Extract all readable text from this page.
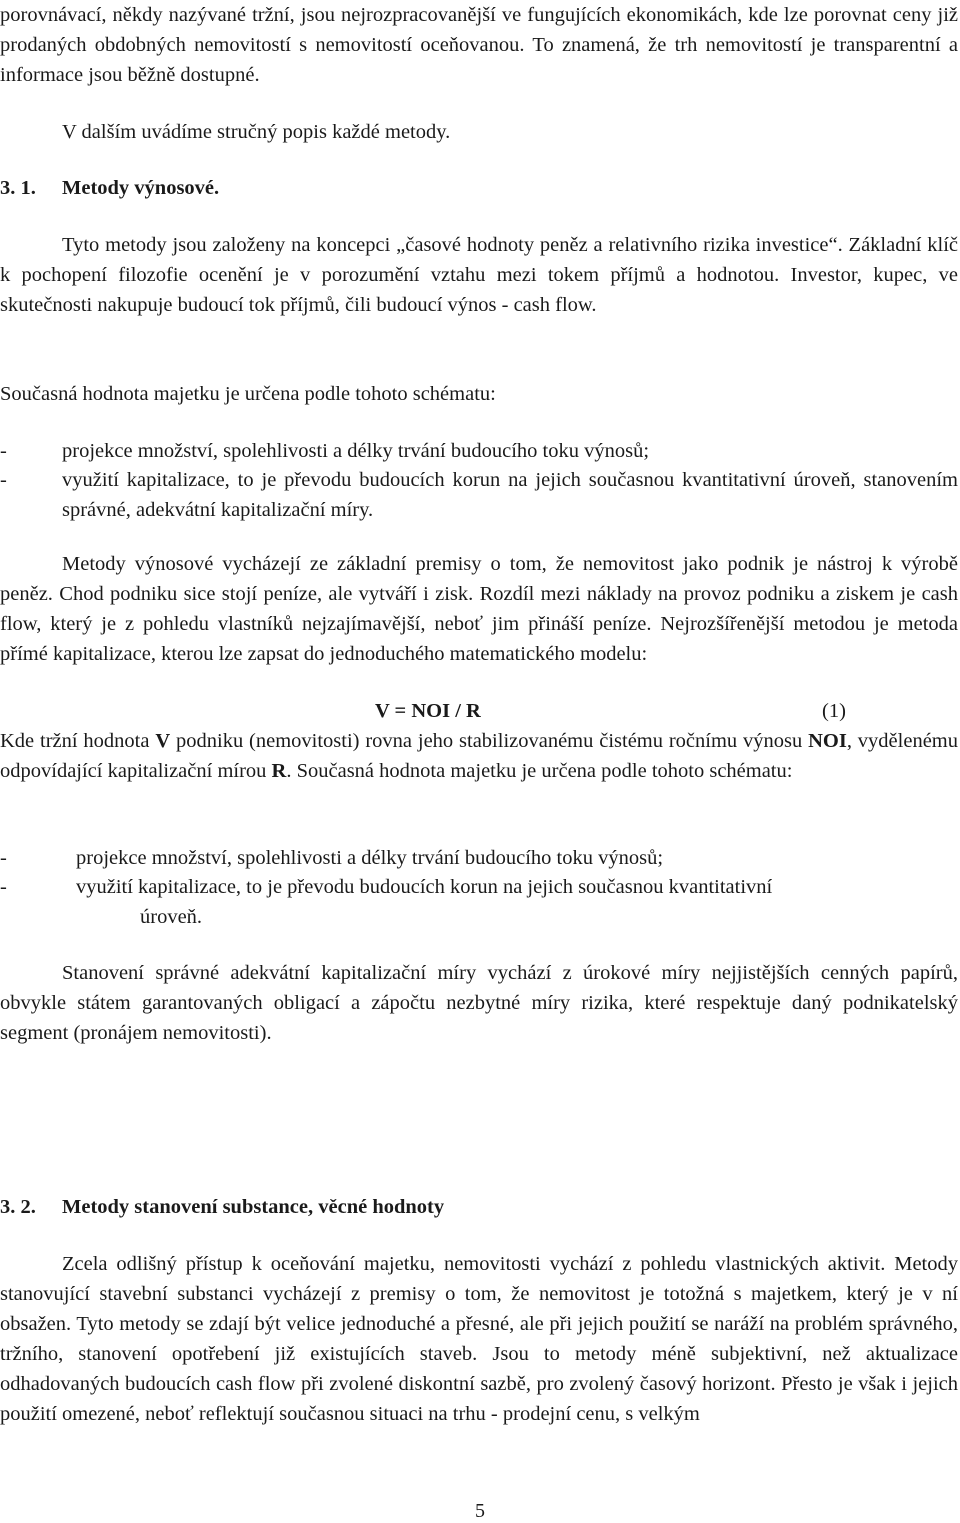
porovnávací, někdy nazývané tržní, jsou nejrozpracovanější ve fungujících ekonomikách, kde lze porovnat ceny již prodaných obdobných nemovitostí s nemovitostí oceňovanou. To znamená, že trh nemovitostí je transparentní a informace jsou běžně dostupné.

V dalším uvádíme stručný popis každé metody.
3. 1. Metody výnosové.

Tyto metody jsou založeny na koncepci „časové hodnoty peněz a relativního rizika investice“. Základní klíč k pochopení filozofie ocenění je v porozumění vztahu mezi tokem příjmů a hodnotou. Investor, kupec, ve skutečnosti nakupuje budoucí tok příjmů, čili budoucí výnos - cash flow.

Současná hodnota majetku je určena podle tohoto schématu:
-	projekce množství, spolehlivosti a délky trvání budoucího toku výnosů;
-	využití kapitalizace, to je převodu budoucích korun na jejich současnou kvantitativní úroveň, stanovením správné, adekvátní kapitalizační míry.

Metody výnosové vycházejí ze základní premisy o tom, že nemovitost jako podnik je nástroj k výrobě peněz. Chod podniku sice stojí peníze, ale vytváří i zisk. Rozdíl mezi náklady na provoz podniku a ziskem je cash flow, který je z pohledu vlastníků nejzajímavější, neboť jim přináší peníze. Nejrozšířenější metodou je metoda přímé kapitalizace, kterou lze zapsat do jednoduchého matematického modelu:

V = NOI / R	(1)

Kde tržní hodnota V podniku (nemovitosti) rovna jeho stabilizovanému čistému ročnímu výnosu NOI, vydělenému odpovídající kapitalizační mírou R. Současná hodnota majetku je určena podle tohoto schématu:

-	projekce množství, spolehlivosti a délky trvání budoucího toku výnosů;
-	využití kapitalizace, to je převodu budoucích korun na jejich současnou kvantitativní
úroveň.

Stanovení správné adekvátní kapitalizační míry vychází z úrokové míry nejjistějších cenných papírů, obvykle státem garantovaných obligací a zápočtu nezbytné míry rizika, které respektuje daný podnikatelský segment (pronájem nemovitosti).

3. 2. Metody stanovení substance, věcné hodnoty

Zcela odlišný přístup k oceňování majetku, nemovitosti vychází z pohledu vlastnických aktivit. Metody stanovující stavební substanci vycházejí z premisy o tom, že nemovitost je totožná s majetkem, který je v ní obsažen. Tyto metody se zdají být velice jednoduché a přesné, ale při jejich použití se naráží na problém správného, tržního, stanovení opotřebení již existujících staveb. Jsou to metody méně subjektivní, než aktualizace odhadovaných budoucích cash flow při zvolené diskontní sazbě, pro zvolený časový horizont. Přesto je však i jejich použití omezené, neboť reflektují současnou situaci na trhu - prodejní cenu, s velkým

5
